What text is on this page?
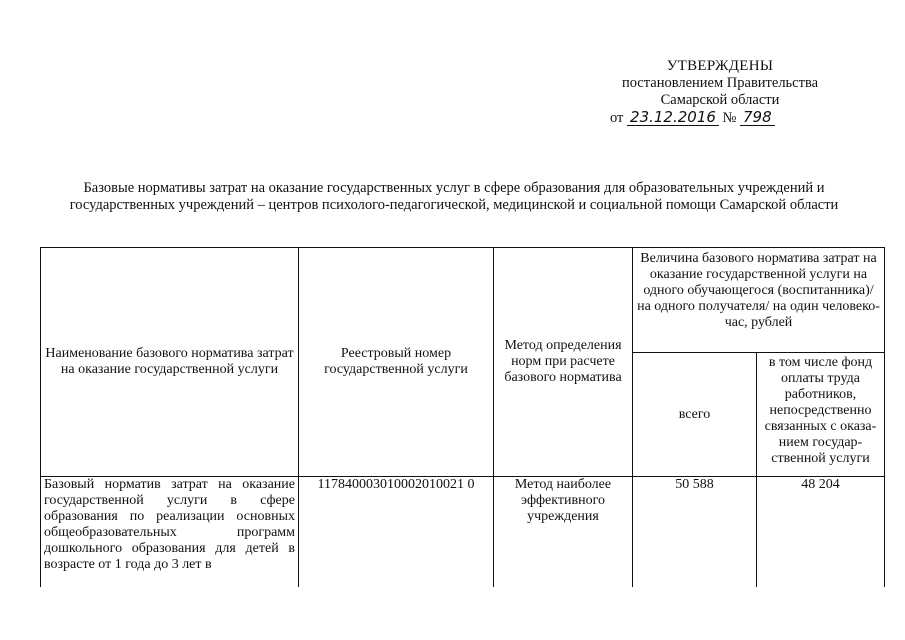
УТВЕРЖДЕНЫ
постановлением Правительства
Самарской области
от 23.12.2016 № 798
Базовые нормативы затрат на оказание государственных услуг в сфере образования для образовательных учреждений и государственных учреждений – центров психолого-педагогической, медицинской и социальной помощи Самарской области
Наименование базового норматива затрат на оказание государственной услуги	Реестровый номер государственной услуги	Метод определения норм при расчете базового норматива	Величина базового норматива затрат на оказание государственной услуги на одного обучающегося (воспитанника)/ на одного получателя/ на один человеко-час, рублей	
			всего	в том числе фонд оплаты труда работников, непосредственно связанных с оказа-нием государ-ственной услуги
Базовый норматив затрат на оказание государственной услуги в сфере образования по реализации основных общеобразовательных программ дошкольного образования для детей в возрасте от 1 года до 3 лет в	117840003010002010021 0	Метод наиболее эффективного учреждения	50 588	48 204
